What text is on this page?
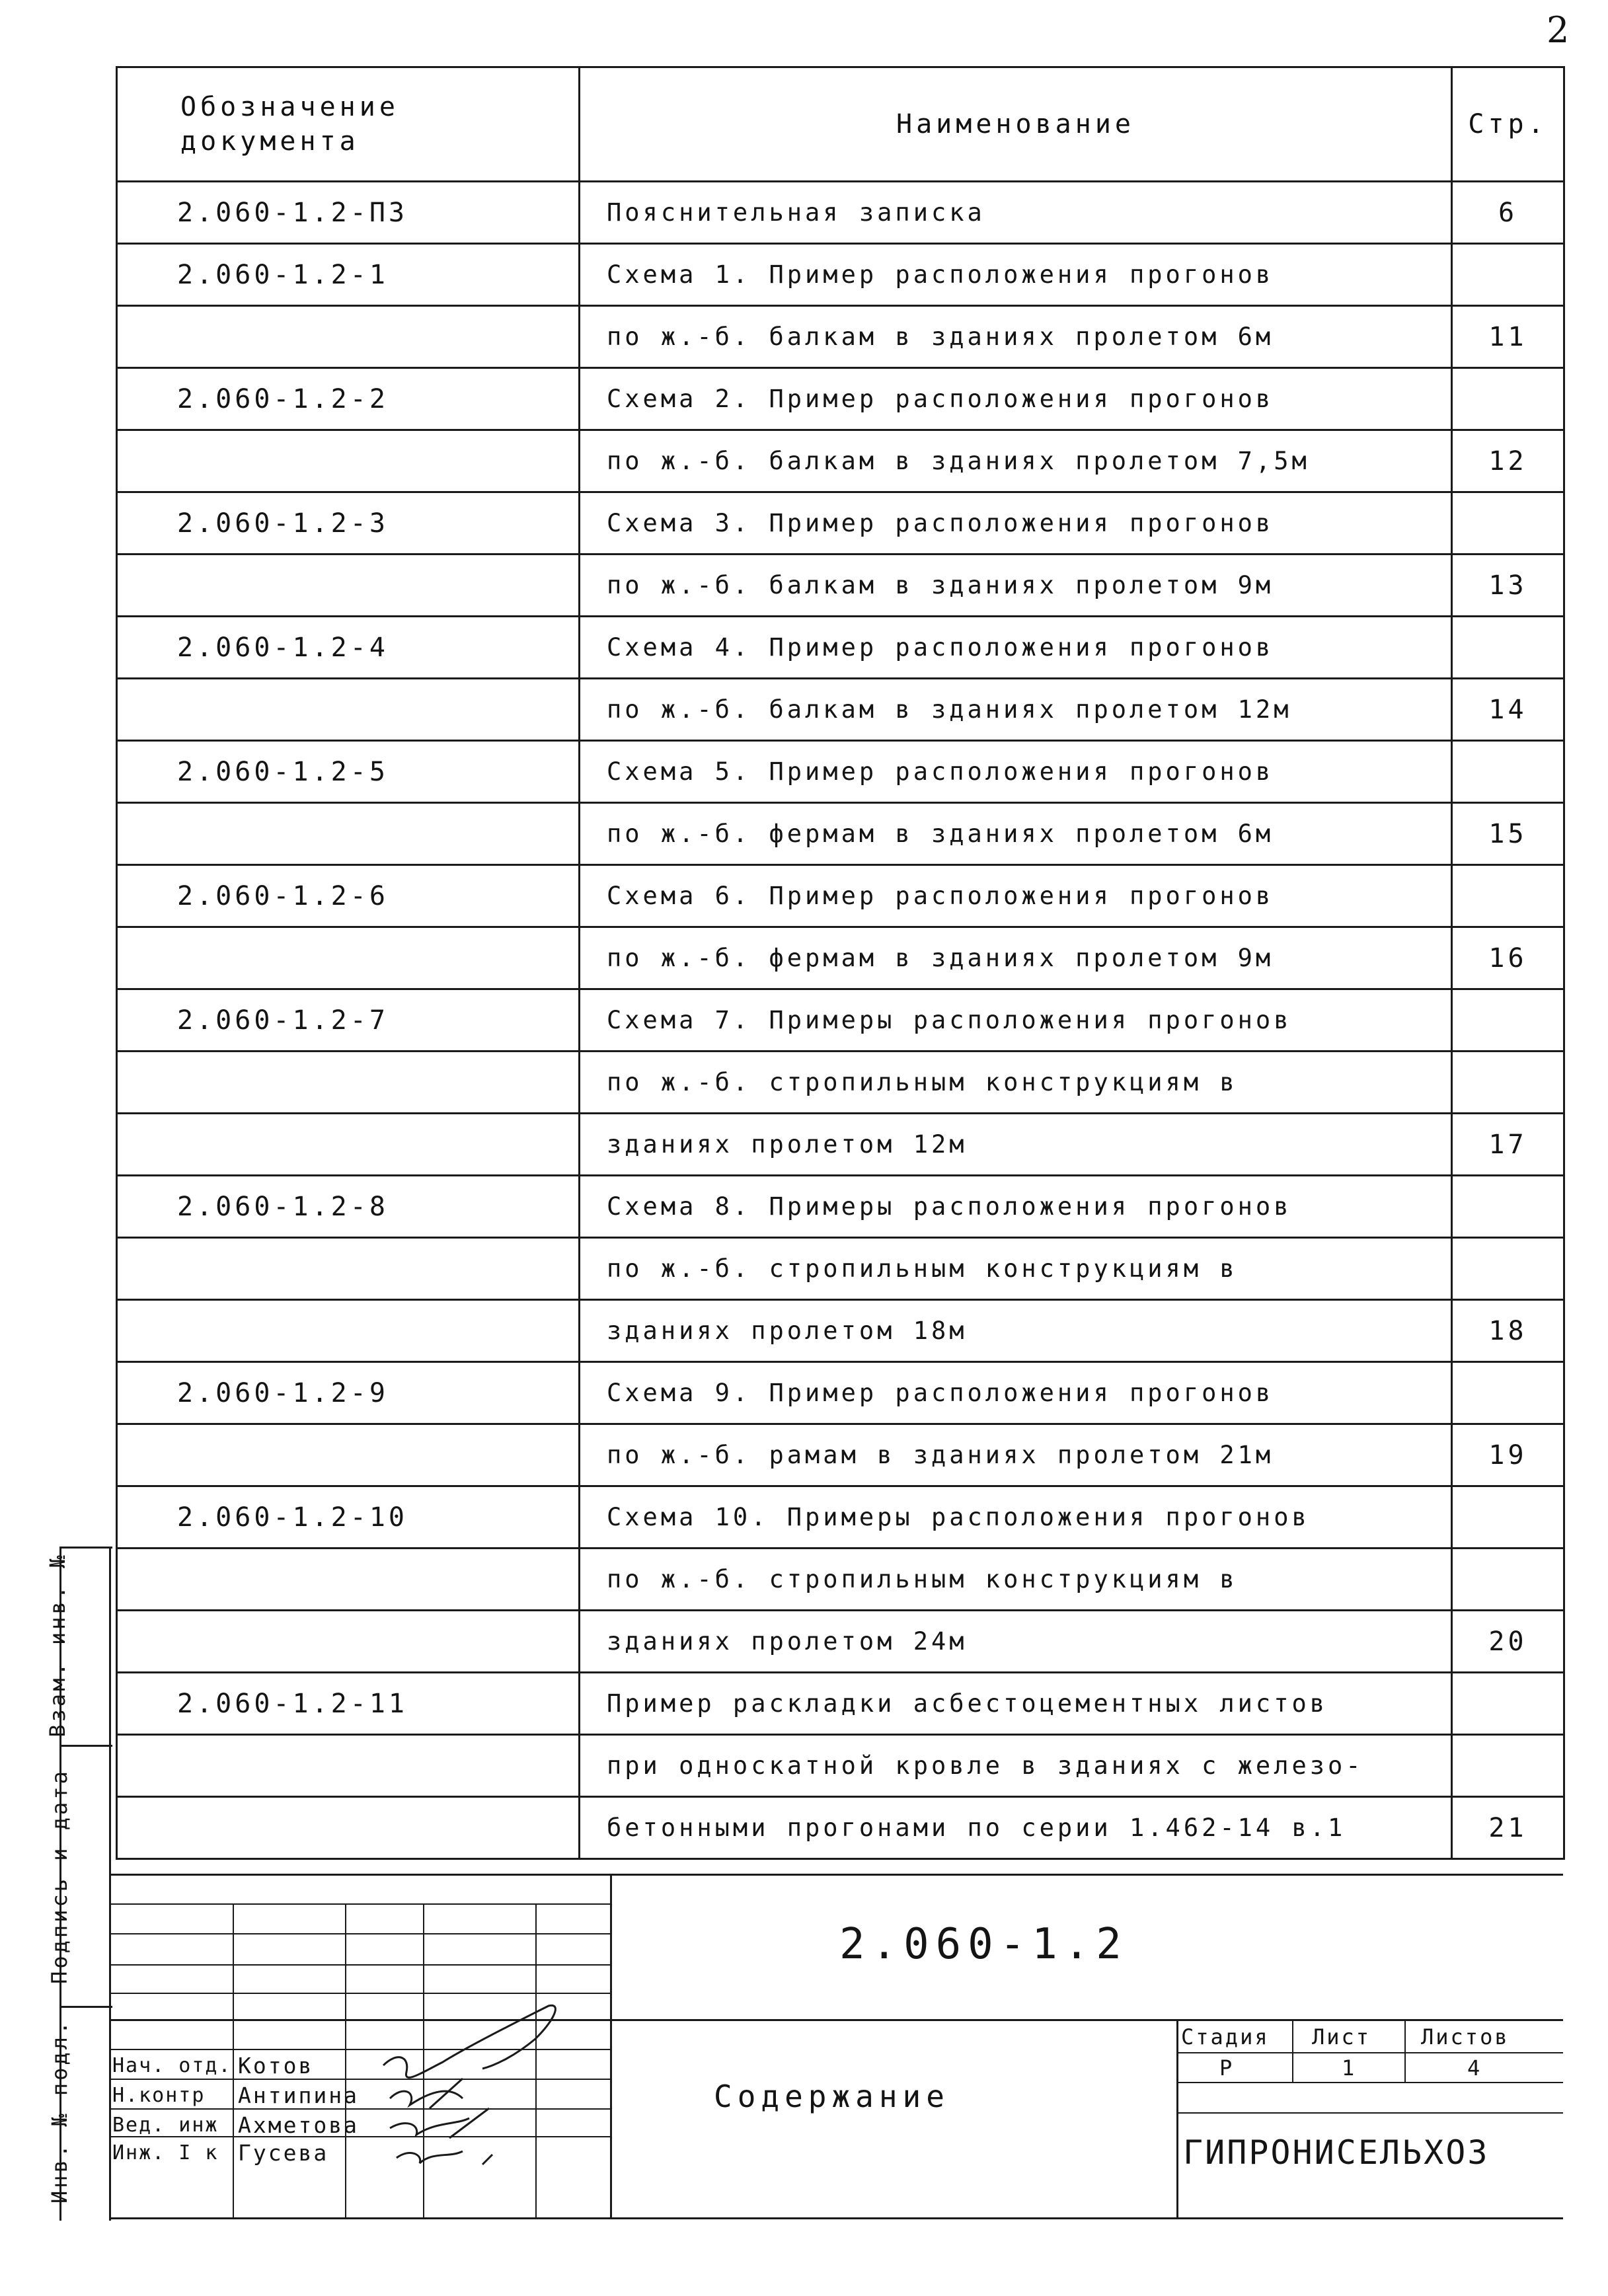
2
Обозначение документа	Наименование	Стр.
2.060-1.2-ПЗ	Пояснительная записка	6
2.060-1.2-1	Схема 1. Пример расположения прогонов	
	по ж.-б. балкам в зданиях пролетом 6м	11
2.060-1.2-2	Схема 2. Пример расположения прогонов	
	по ж.-б. балкам в зданиях пролетом 7,5м	12
2.060-1.2-3	Схема 3. Пример расположения прогонов	
	по ж.-б. балкам в зданиях пролетом 9м	13
2.060-1.2-4	Схема 4. Пример расположения прогонов	
	по ж.-б. балкам в зданиях пролетом 12м	14
2.060-1.2-5	Схема 5. Пример расположения прогонов	
	по ж.-б. фермам в зданиях пролетом 6м	15
2.060-1.2-6	Схема 6. Пример расположения прогонов	
	по ж.-б. фермам в зданиях пролетом 9м	16
2.060-1.2-7	Схема 7. Примеры расположения прогонов	
	по ж.-б. стропильным конструкциям в	
	зданиях пролетом 12м	17
2.060-1.2-8	Схема 8. Примеры расположения прогонов	
	по ж.-б. стропильным конструкциям в	
	зданиях пролетом 18м	18
2.060-1.2-9	Схема 9. Пример расположения прогонов	
	по ж.-б. рамам в зданиях пролетом 21м	19
2.060-1.2-10	Схема 10. Примеры расположения прогонов	
	по ж.-б. стропильным конструкциям в	
	зданиях пролетом 24м	20
2.060-1.2-11	Пример раскладки асбестоцементных листов	
	при односкатной кровле в зданиях с железо-	
	бетонными прогонами по серии 1.462-14 в.1	21
2.060-1.2
Содержание
Стадия Лист Листов
Р	1	4
ГИПРОНИСЕЛЬХОЗ
Нач. отд. Котов
Н.контр Антипина
Вед. инж Ахметова
Инж. I к Гусева
Взам. инв. №
Подпись и дата
Инв. № подл.
